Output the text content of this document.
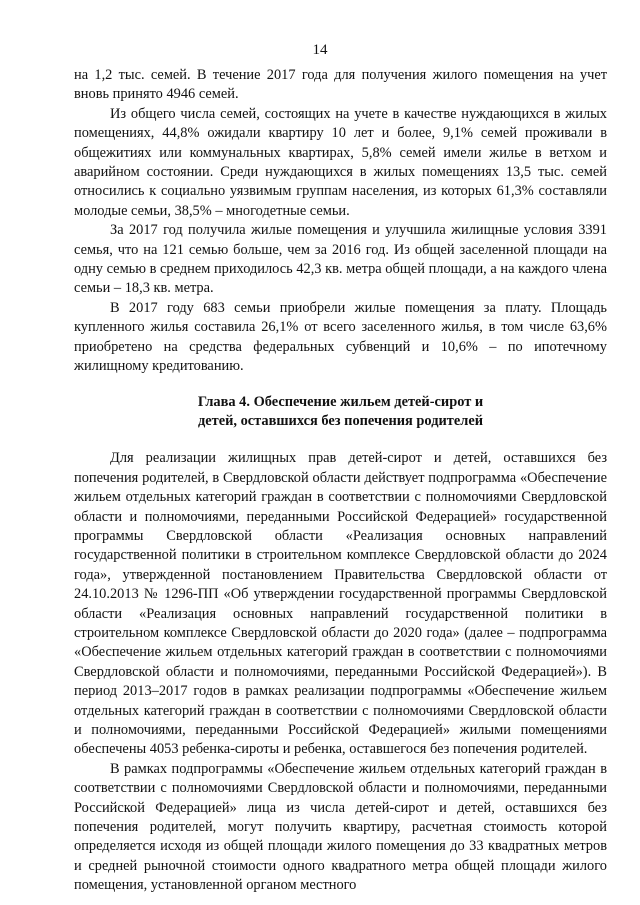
14

на 1,2 тыс. семей. В течение 2017 года для получения жилого помещения на учет вновь принято 4946 семей.

Из общего числа семей, состоящих на учете в качестве нуждающихся в жилых помещениях, 44,8% ожидали квартиру 10 лет и более, 9,1% семей проживали в общежитиях или коммунальных квартирах, 5,8% семей имели жилье в ветхом и аварийном состоянии. Среди нуждающихся в жилых помещениях 13,5 тыс. семей относились к социально уязвимым группам населения, из которых 61,3% составляли молодые семьи, 38,5% – многодетные семьи.

За 2017 год получила жилые помещения и улучшила жилищные условия 3391 семья, что на 121 семью больше, чем за 2016 год. Из общей заселенной площади на одну семью в среднем приходилось 42,3 кв. метра общей площади, а на каждого члена семьи – 18,3 кв. метра.

В 2017 году 683 семьи приобрели жилые помещения за плату. Площадь купленного жилья составила 26,1% от всего заселенного жилья, в том числе 63,6% приобретено на средства федеральных субвенций и 10,6% – по ипотечному жилищному кредитованию.

Глава 4. Обеспечение жильем детей-сирот и
детей, оставшихся без попечения родителей

Для реализации жилищных прав детей-сирот и детей, оставшихся без попечения родителей, в Свердловской области действует подпрограмма «Обеспечение жильем отдельных категорий граждан в соответствии с полномочиями Свердловской области и полномочиями, переданными Российской Федерацией» государственной программы Свердловской области «Реализация основных направлений государственной политики в строительном комплексе Свердловской области до 2024 года», утвержденной постановлением Правительства Свердловской области от 24.10.2013 № 1296-ПП «Об утверждении государственной программы Свердловской области «Реализация основных направлений государственной политики в строительном комплексе Свердловской области до 2020 года» (далее – подпрограмма «Обеспечение жильем отдельных категорий граждан в соответствии с полномочиями Свердловской области и полномочиями, переданными Российской Федерацией»). В период 2013–2017 годов в рамках реализации подпрограммы «Обеспечение жильем отдельных категорий граждан в соответствии с полномочиями Свердловской области и полномочиями, переданными Российской Федерацией» жилыми помещениями обеспечены 4053 ребенка-сироты и ребенка, оставшегося без попечения родителей.

В рамках подпрограммы «Обеспечение жильем отдельных категорий граждан в соответствии с полномочиями Свердловской области и полномочиями, переданными Российской Федерацией» лица из числа детей-сирот и детей, оставшихся без попечения родителей, могут получить квартиру, расчетная стоимость которой определяется исходя из общей площади жилого помещения до 33 квадратных метров и средней рыночной стоимости одного квадратного метра общей площади жилого помещения, установленной органом местного
